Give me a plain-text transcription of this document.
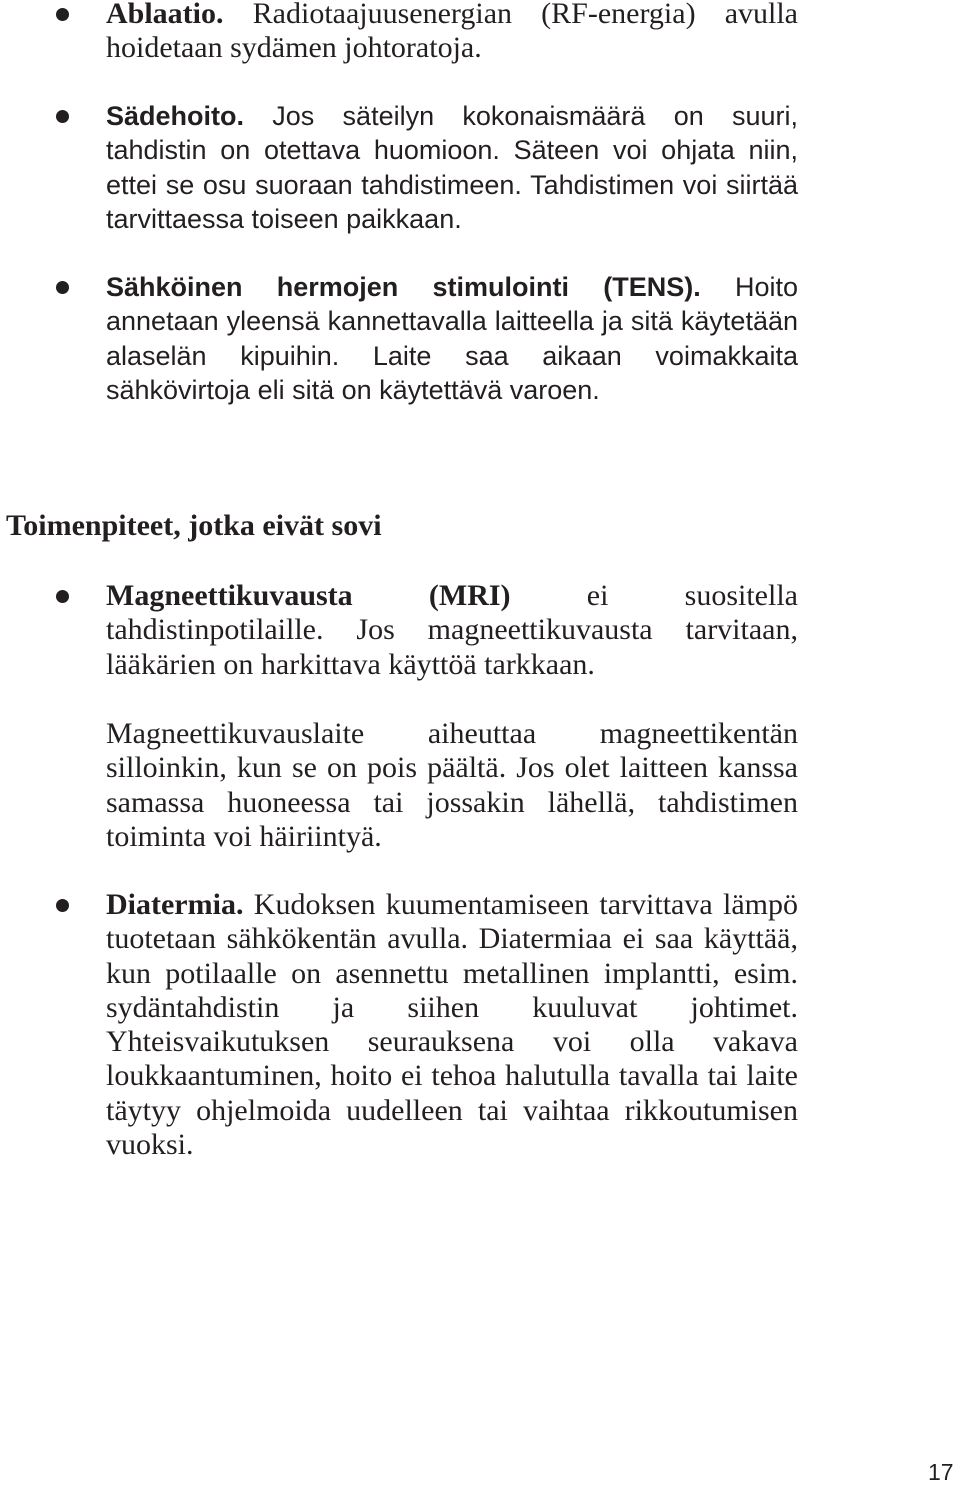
Ablaatio. Radiotaajuusenergian (RF-energia) avulla hoidetaan sydämen johtoratoja.

Sädehoito. Jos säteilyn kokonaismäärä on suuri, tahdistin on otettava huomioon. Säteen voi ohjata niin, ettei se osu suoraan tahdistimeen. Tahdistimen voi siirtää tarvittaessa toiseen paikkaan.

Sähköinen hermojen stimulointi (TENS). Hoito annetaan yleensä kannettavalla laitteella ja sitä käytetään alaselän kipuihin. Laite saa aikaan voimakkaita sähkövirtoja eli sitä on käytettävä varoen.

Toimenpiteet, jotka eivät sovi

Magneettikuvausta (MRI)	ei suositella tahdistinpotilaille. Jos magneettikuvausta tarvitaan, lääkärien on harkittava käyttöä tarkkaan.

Magneettikuvauslaite aiheuttaa magneettikentän silloinkin, kun se on pois päältä. Jos olet laitteen kanssa samassa huoneessa tai jossakin lähellä, tahdistimen toiminta voi häiriintyä.

Diatermia. Kudoksen kuumentamiseen tarvittava lämpö tuotetaan sähkökentän avulla. Diatermiaa ei saa käyttää, kun potilaalle on asennettu metallinen implantti, esim. sydäntahdistin ja siihen kuuluvat johtimet. Yhteisvaikutuksen seurauksena voi olla vakava loukkaantuminen, hoito ei tehoa halutulla tavalla tai laite täytyy ohjelmoida uudelleen tai vaihtaa rikkoutumisen vuoksi.

17
